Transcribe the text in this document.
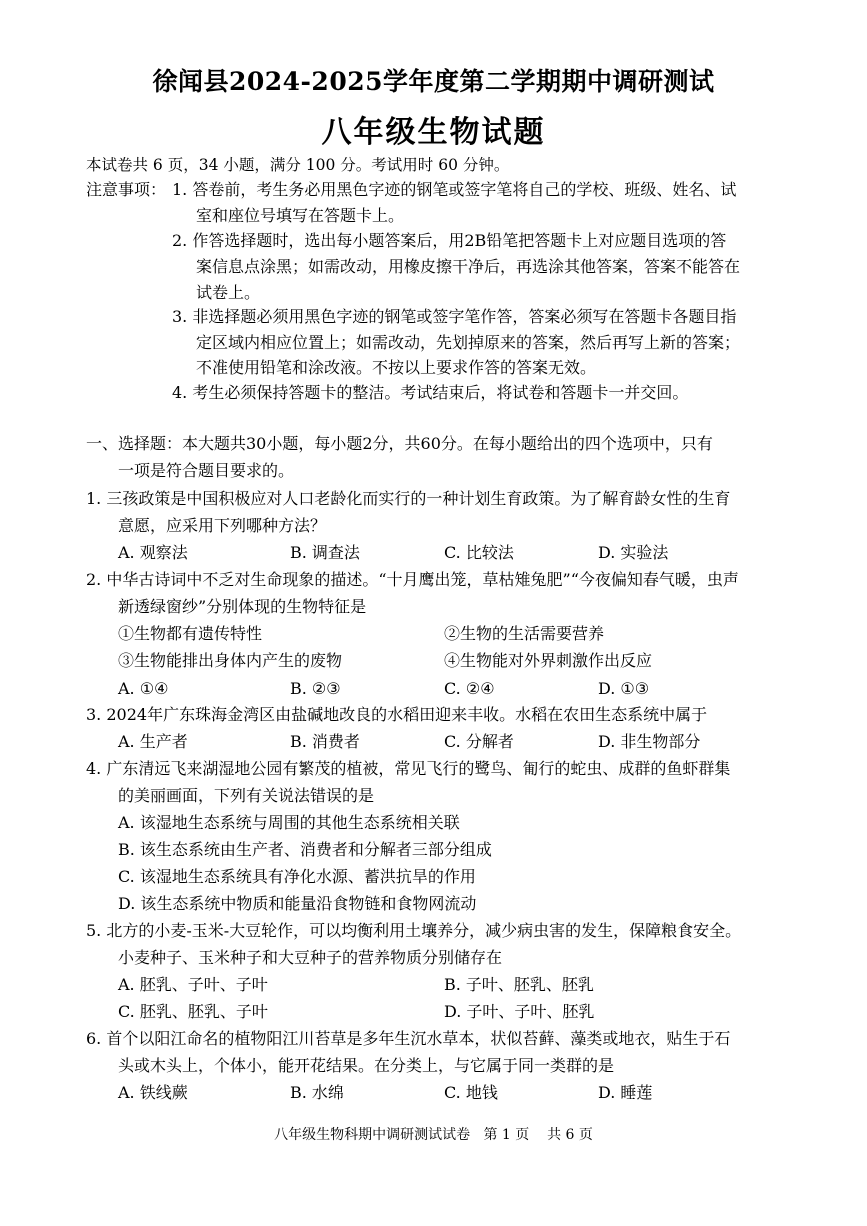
徐闻县2024-2025学年度第二学期期中调研测试
八年级生物试题
本试卷共 6 页，34 小题，满分 100 分。考试用时 60 分钟。
注意事项： 1. 答卷前，考生务必用黑色字迹的钢笔或签字笔将自己的学校、班级、姓名、试
室和座位号填写在答题卡上。
2. 作答选择题时，选出每小题答案后，用2B铅笔把答题卡上对应题目选项的答
案信息点涂黑；如需改动，用橡皮擦干净后，再选涂其他答案，答案不能答在
试卷上。
3. 非选择题必须用黑色字迹的钢笔或签字笔作答，答案必须写在答题卡各题目指
定区域内相应位置上；如需改动，先划掉原来的答案，然后再写上新的答案；
不准使用铅笔和涂改液。不按以上要求作答的答案无效。
4. 考生必须保持答题卡的整洁。考试结束后，将试卷和答题卡一并交回。
一、选择题：本大题共30小题，每小题2分，共60分。在每小题给出的四个选项中，只有
一项是符合题目要求的。
1. 三孩政策是中国积极应对人口老龄化而实行的一种计划生育政策。为了解育龄女性的生育
意愿，应采用下列哪种方法？
A. 观察法	B. 调查法	C. 比较法	D. 实验法
2. 中华古诗词中不乏对生命现象的描述。“十月鹰出笼，草枯雉兔肥”“今夜偏知春气暖，虫声
新透绿窗纱”分别体现的生物特征是
①生物都有遗传特性	②生物的生活需要营养
③生物能排出身体内产生的废物	④生物能对外界刺激作出反应
A. ①④	B. ②③	C. ②④	D. ①③
3. 2024年广东珠海金湾区由盐碱地改良的水稻田迎来丰收。水稻在农田生态系统中属于
A. 生产者	B. 消费者	C. 分解者	D. 非生物部分
4. 广东清远飞来湖湿地公园有繁茂的植被，常见飞行的鹭鸟、匍行的蛇虫、成群的鱼虾群集
的美丽画面，下列有关说法错误的是
A. 该湿地生态系统与周围的其他生态系统相关联
B. 该生态系统由生产者、消费者和分解者三部分组成
C. 该湿地生态系统具有净化水源、蓄洪抗旱的作用
D. 该生态系统中物质和能量沿食物链和食物网流动
5. 北方的小麦-玉米-大豆轮作，可以均衡利用土壤养分，减少病虫害的发生，保障粮食安全。
小麦种子、玉米种子和大豆种子的营养物质分别储存在
A. 胚乳、子叶、子叶	B. 子叶、胚乳、胚乳
C. 胚乳、胚乳、子叶	D. 子叶、子叶、胚乳
6. 首个以阳江命名的植物阳江川苔草是多年生沉水草本，状似苔藓、藻类或地衣，贴生于石
头或木头上，个体小，能开花结果。在分类上，与它属于同一类群的是
A. 铁线蕨	B. 水绵	C. 地钱	D. 睡莲
八年级生物科期中调研测试试卷 第 1 页 共 6 页
